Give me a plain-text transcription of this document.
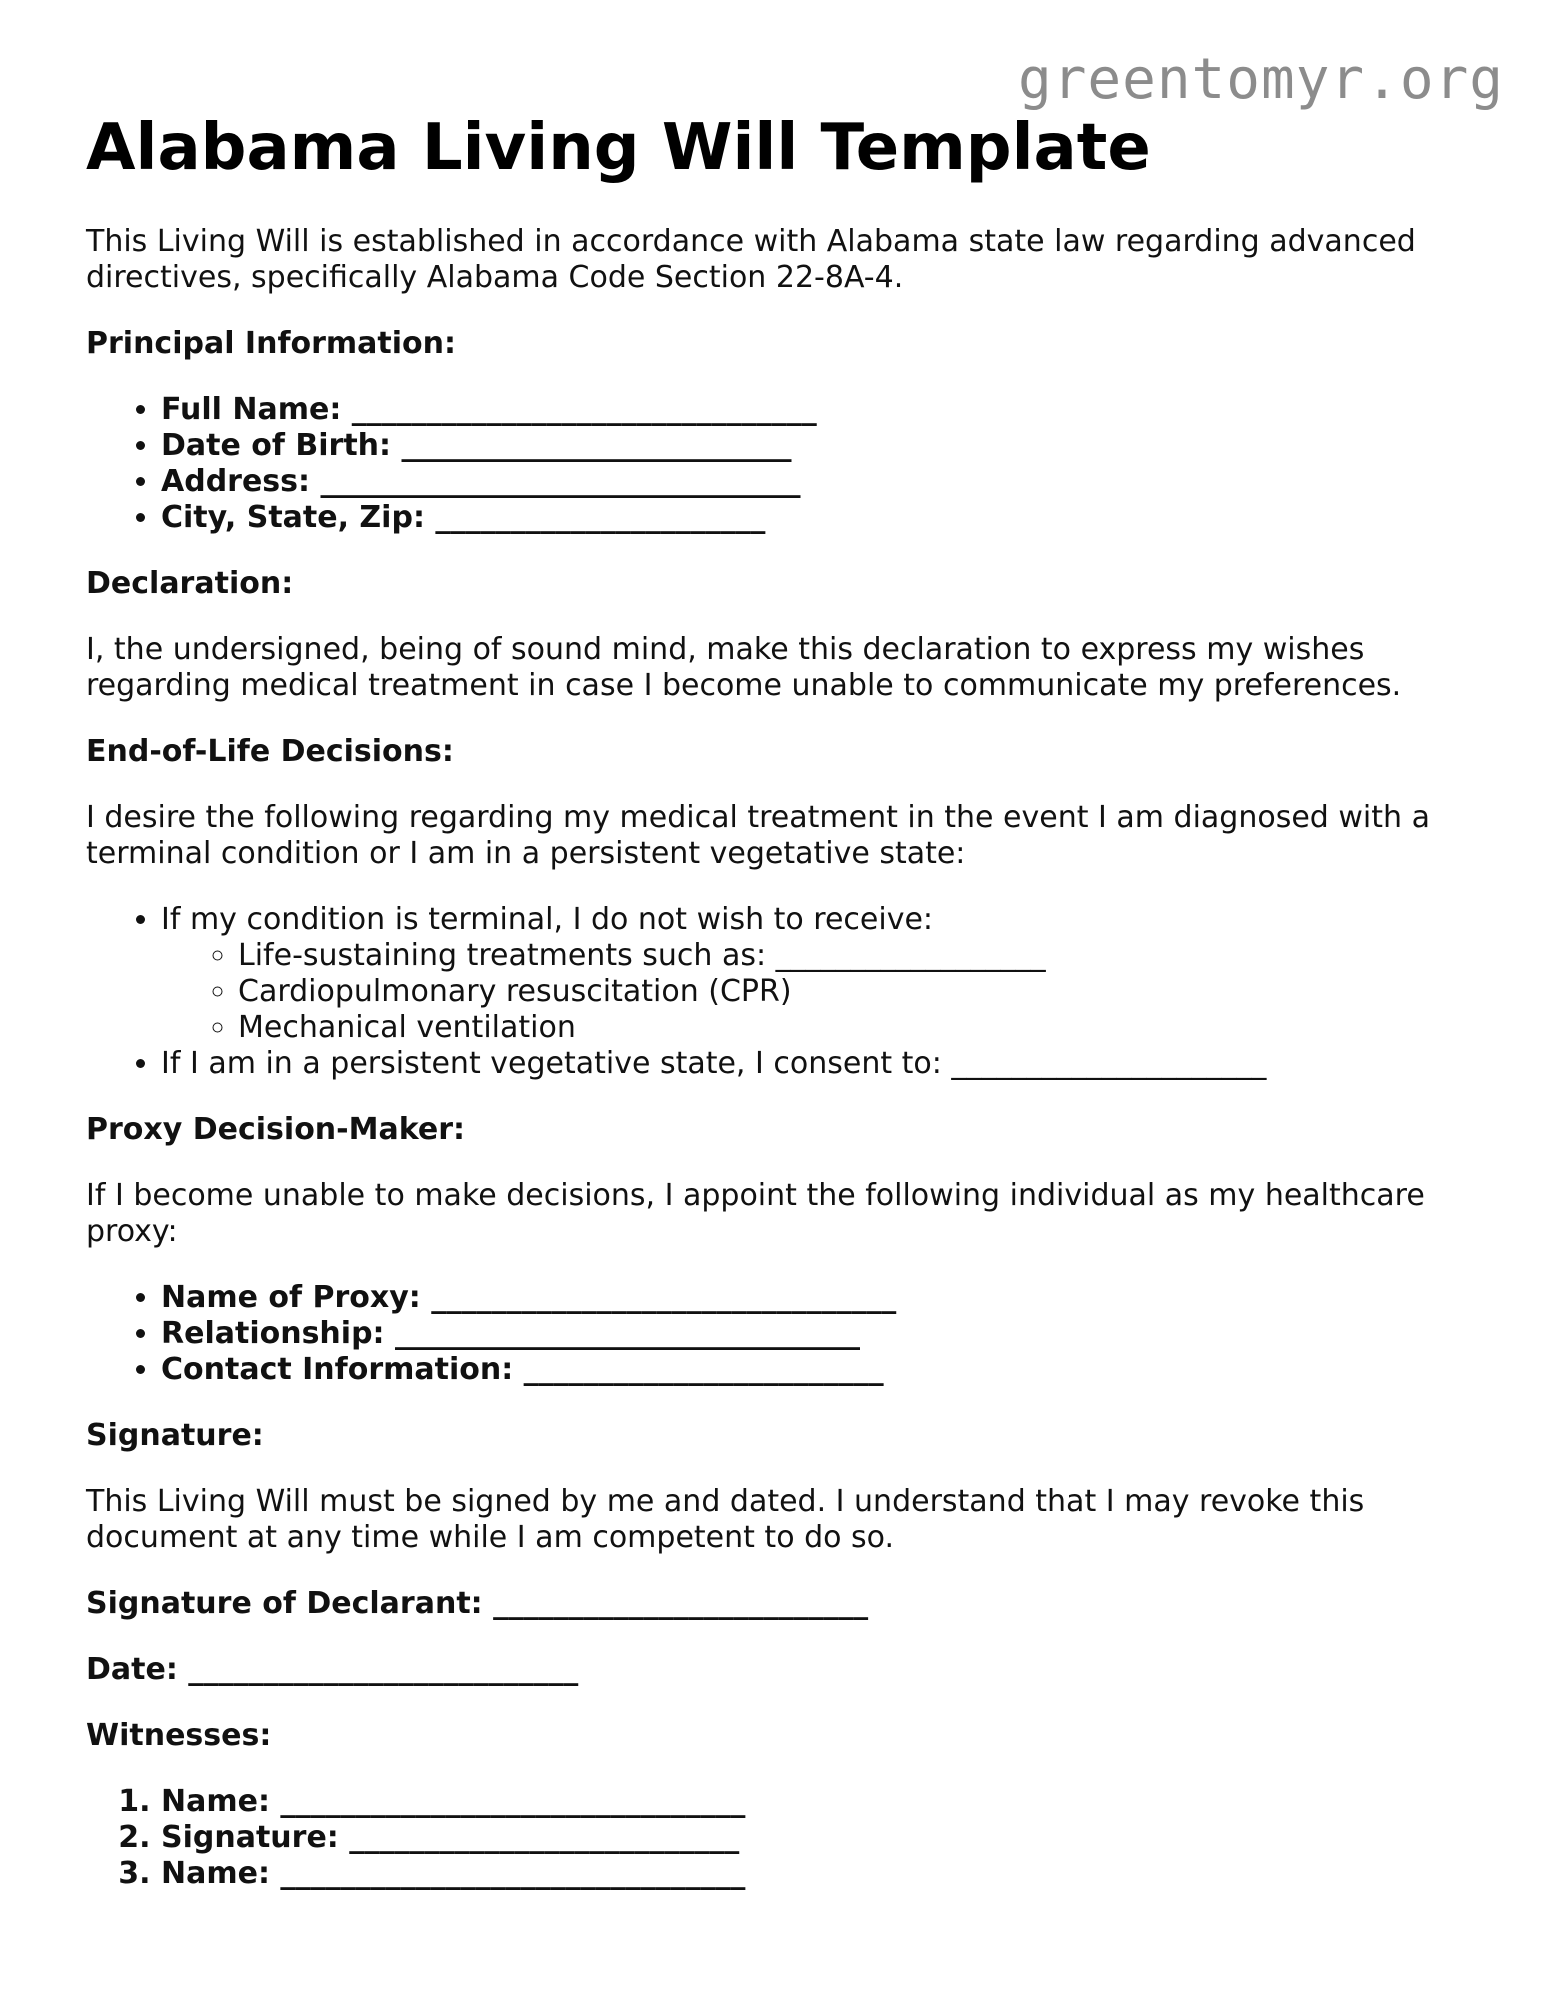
greentomyr.org
Alabama Living Will Template

This Living Will is established in accordance with Alabama state law regarding advanced directives, specifically Alabama Code Section 22-8A-4.

Principal Information:

• Full Name: _______________________________
• Date of Birth: __________________________
• Address: ________________________________
• City, State, Zip: ______________________

Declaration:

I, the undersigned, being of sound mind, make this declaration to express my wishes regarding medical treatment in case I become unable to communicate my preferences.

End-of-Life Decisions:

I desire the following regarding my medical treatment in the event I am diagnosed with a terminal condition or I am in a persistent vegetative state:

• If my condition is terminal, I do not wish to receive:
◦ Life-sustaining treatments such as: __________________
◦ Cardiopulmonary resuscitation (CPR)
◦ Mechanical ventilation
• If I am in a persistent vegetative state, I consent to: _____________________

Proxy Decision-Maker:

If I become unable to make decisions, I appoint the following individual as my healthcare proxy:

• Name of Proxy: _______________________________
• Relationship: _______________________________
• Contact Information: ________________________

Signature:

This Living Will must be signed by me and dated. I understand that I may revoke this document at any time while I am competent to do so.

Signature of Declarant: _________________________

Date: __________________________

Witnesses:

1. Name: _______________________________
2. Signature: __________________________
3. Name: _______________________________
